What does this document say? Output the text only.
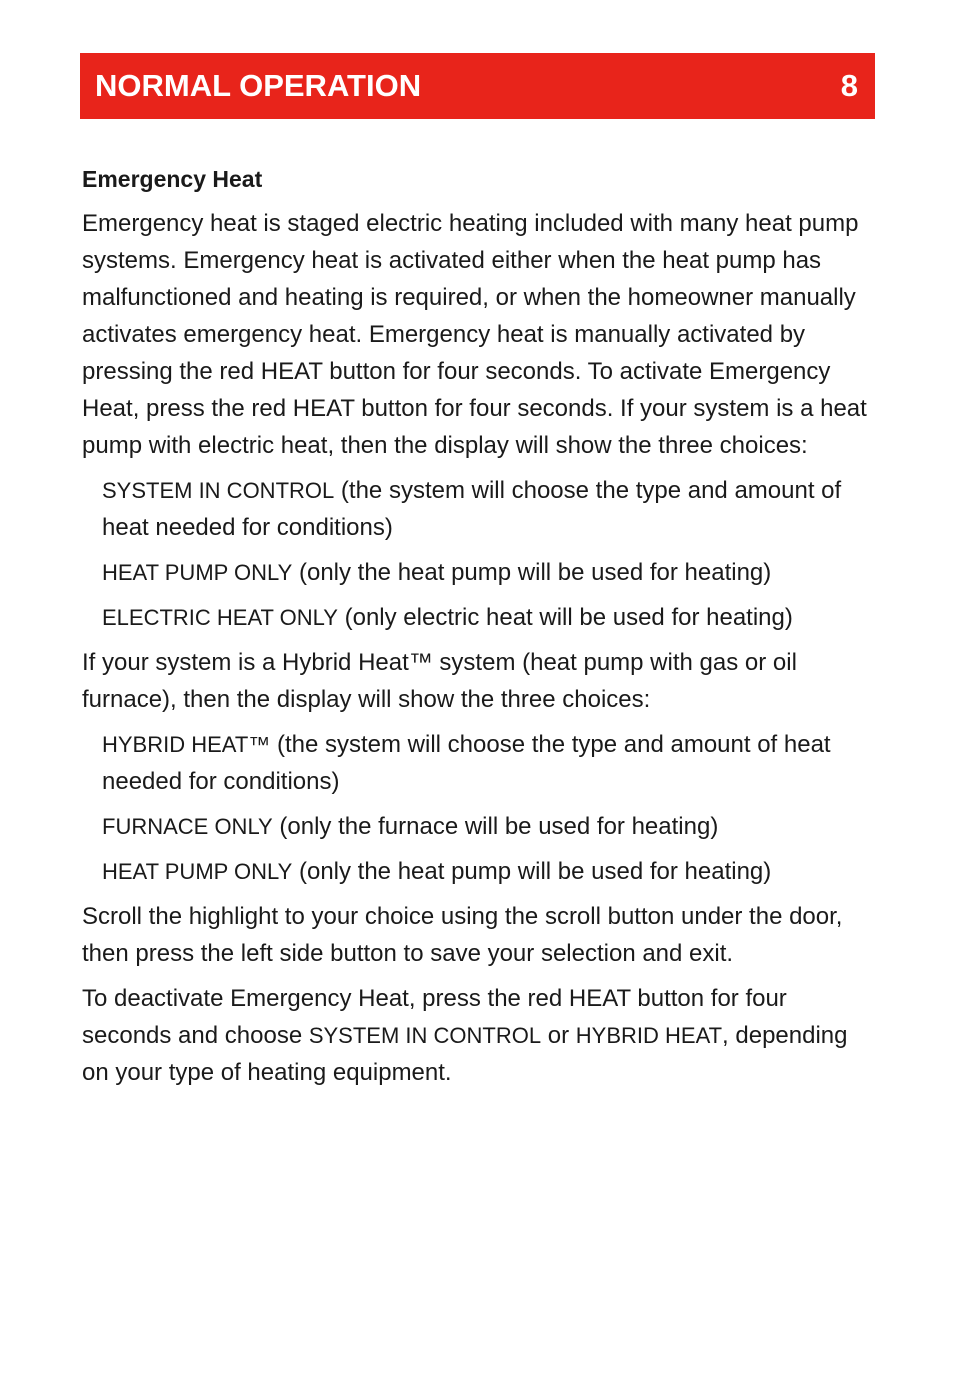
NORMAL OPERATION	8
Emergency Heat

Emergency heat is staged electric heating included with many heat pump systems. Emergency heat is activated either when the heat pump has malfunctioned and heating is required, or when the homeowner manually activates emergency heat. Emergency heat is manually activated by pressing the red HEAT button for four seconds. To activate Emergency Heat, press the red HEAT button for four seconds. If your system is a heat pump with electric heat, then the display will show the three choices:

SYSTEM IN CONTROL (the system will choose the type and amount of heat needed for conditions)

HEAT PUMP ONLY (only the heat pump will be used for heating)

ELECTRIC HEAT ONLY (only electric heat will be used for heating)

If your system is a Hybrid Heat™ system (heat pump with gas or oil furnace), then the display will show the three choices:

HYBRID HEAT™ (the system will choose the type and amount of heat needed for conditions)

FURNACE ONLY (only the furnace will be used for heating)

HEAT PUMP ONLY (only the heat pump will be used for heating)

Scroll the highlight to your choice using the scroll button under the door, then press the left side button to save your selection and exit.

To deactivate Emergency Heat, press the red HEAT button for four seconds and choose SYSTEM IN CONTROL or HYBRID HEAT, depending on your type of heating equipment.
